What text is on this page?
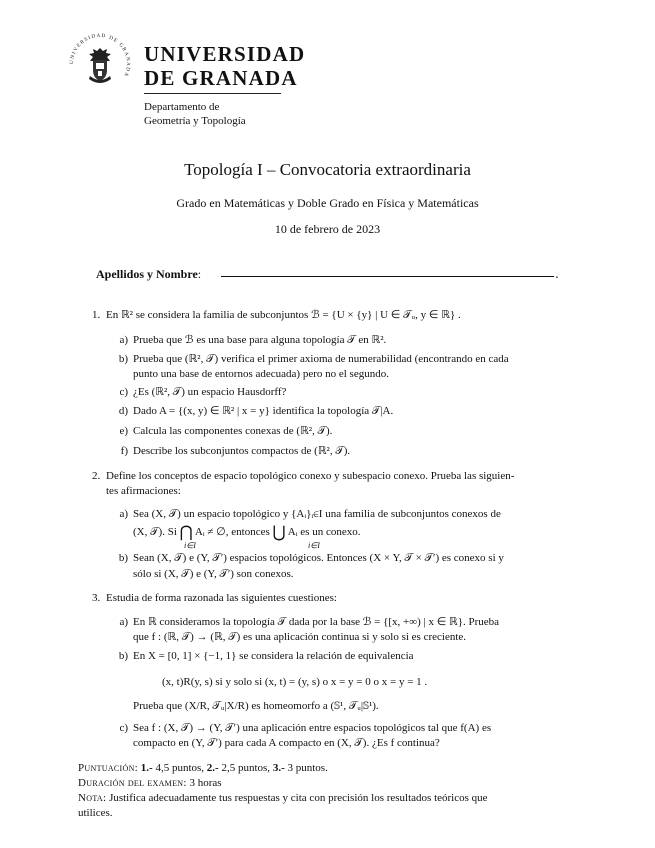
UNIVERSIDAD DE GRANADA
UNIVERSIDAD
DE GRANADA
Departamento de
Geometría y Topología
Topología I – Convocatoria extraordinaria
Grado en Matemáticas y Doble Grado en Física y Matemáticas
10 de febrero de 2023
Apellidos y Nombre:	.
1. En ℝ² se considera la familia de subconjuntos ℬ = {U × {y} | U ∈ 𝒯ᵤ, y ∈ ℝ} .
a) Prueba que ℬ es una base para alguna topología 𝒯 en ℝ².
b) Prueba que (ℝ², 𝒯) verifica el primer axioma de numerabilidad (encontrando en cada
punto una base de entornos adecuada) pero no el segundo.
c) ¿Es (ℝ², 𝒯) un espacio Hausdorff?
d) Dado A = {(x, y) ∈ ℝ² | x = y} identifica la topología 𝒯|A.
e) Calcula las componentes conexas de (ℝ², 𝒯).
f) Describe los subconjuntos compactos de (ℝ², 𝒯).
2. Define los conceptos de espacio topológico conexo y subespacio conexo. Prueba las siguien-
tes afirmaciones:
a) Sea (X, 𝒯) un espacio topológico y {Aᵢ}ᵢ∈I una familia de subconjuntos conexos de
(X, 𝒯). Si ⋂ Aᵢ ≠ ∅, entonces ⋃ Aᵢ es un conexo.
i∈I	i∈I
b) Sean (X, 𝒯) e (Y, 𝒯′) espacios topológicos. Entonces (X × Y, 𝒯 × 𝒯′) es conexo si y
sólo si (X, 𝒯) e (Y, 𝒯′) son conexos.
3. Estudia de forma razonada las siguientes cuestiones:
a) En ℝ consideramos la topología 𝒯 dada por la base ℬ = {[x, +∞) | x ∈ ℝ}. Prueba
que f : (ℝ, 𝒯) → (ℝ, 𝒯) es una aplicación continua si y solo si es creciente.
b) En X = [0, 1] × {−1, 1} se considera la relación de equivalencia
(x, t)R(y, s) si y solo si (x, t) = (y, s) o x = y = 0 o x = y = 1 .
Prueba que (X/R, 𝒯ᵤ|X/R) es homeomorfo a (𝕊¹, 𝒯ᵤ|𝕊¹).
c) Sea f : (X, 𝒯) → (Y, 𝒯′) una aplicación entre espacios topológicos tal que f(A) es
compacto en (Y, 𝒯′) para cada A compacto en (X, 𝒯). ¿Es f continua?
Puntuación: 1.- 4,5 puntos, 2.- 2,5 puntos, 3.- 3 puntos.
Duración del examen: 3 horas
Nota: Justifica adecuadamente tus respuestas y cita con precisión los resultados teóricos que
utilices.
